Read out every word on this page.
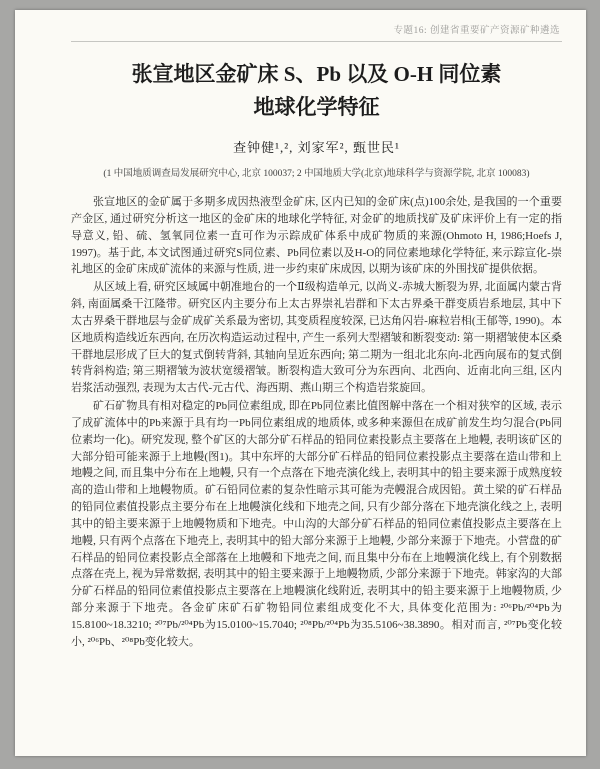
专题16: 创建省重要矿产资源矿种遴选
张宣地区金矿床 S、Pb 以及 O-H 同位素
地球化学特征
查钟健¹,², 刘家军², 甄世民¹
(1 中国地质调查局发展研究中心, 北京 100037; 2 中国地质大学(北京)地球科学与资源学院, 北京 100083)

张宣地区的金矿属于多期多成因热液型金矿床, 区内已知的金矿床(点)100余处, 是我国的一个重要产金区, 通过研究分析这一地区的金矿床的地球化学特征, 对金矿的地质找矿及矿床评价上有一定的指导意义, 铅、硫、氢氧同位素一直可作为示踪成矿体系中成矿物质的来源(Ohmoto H, 1986;Hoefs J, 1997)。基于此, 本文试图通过研究S同位素、Pb同位素以及H-O的同位素地球化学特征, 来示踪宣化-崇礼地区的金矿床成矿流体的来源与性质, 进一步约束矿床成因, 以期为该矿床的外围找矿提供依据。

从区域上看, 研究区域属中朝准地台的一个Ⅱ级构造单元, 以尚义-赤城大断裂为界, 北面属内蒙古背斜, 南面属桑干江隆带。研究区内主要分布上太古界崇礼岩群和下太古界桑干群变质岩系地层, 其中下太古界桑干群地层与金矿成矿关系最为密切, 其变质程度较深, 已达角闪岩-麻粒岩相(王郁等, 1990)。本区地质构造线近东西向, 在历次构造运动过程中, 产生一系列大型褶皱和断裂变动: 第一期褶皱使本区桑干群地层形成了巨大的复式倒转背斜, 其轴向呈近东西向; 第二期为一组北北东向-北西向展布的复式倒转背斜构造; 第三期褶皱为波状宽缓褶皱。断裂构造大致可分为东西向、北西向、近南北向三组, 区内岩浆活动强烈, 表现为太古代-元古代、海西期、燕山期三个构造岩浆旋回。

矿石矿物具有相对稳定的Pb同位素组成, 即在Pb同位素比值图解中落在一个相对狭窄的区域, 表示了成矿流体中的Pb来源于具有均一Pb同位素组成的地质体, 或多种来源但在成矿前发生均匀混合(Pb同位素均一化)。研究发现, 整个矿区的大部分矿石样品的铅同位素投影点主要落在上地幔, 表明该矿区的大部分铅可能来源于上地幔(图1)。其中东坪的大部分矿石样品的铅同位素投影点主要落在造山带和上地幔之间, 而且集中分布在上地幔, 只有一个点落在下地壳演化线上, 表明其中的铅主要来源于成熟度较高的造山带和上地幔物质。矿石铅同位素的复杂性暗示其可能为壳幔混合成因铅。黄土梁的矿石样品的铅同位素值投影点主要分布在上地幔演化线和下地壳之间, 只有少部分落在下地壳演化线之上, 表明其中的铅主要来源于上地幔物质和下地壳。中山沟的大部分矿石样品的铅同位素值投影点主要落在上地幔, 只有两个点落在下地壳上, 表明其中的铅大部分来源于上地幔, 少部分来源于下地壳。小营盘的矿石样品的铅同位素投影点全部落在上地幔和下地壳之间, 而且集中分布在上地幔演化线上, 有个别数据点落在壳上, 视为异常数据, 表明其中的铅主要来源于上地幔物质, 少部分来源于下地壳。韩家沟的大部分矿石样品的铅同位素值投影点主要落在上地幔演化线附近, 表明其中的铅主要来源于上地幔物质, 少部分来源于下地壳。各金矿床矿石矿物铅同位素组成变化不大, 具体变化范围为: ²⁰⁶Pb/²⁰⁴Pb为15.8100~18.3210; ²⁰⁷Pb/²⁰⁴Pb为15.0100~15.7040; ²⁰⁸Pb/²⁰⁴Pb为35.5106~38.3890。相对而言, ²⁰⁷Pb变化较小, ²⁰⁶Pb、²⁰⁸Pb变化较大。
